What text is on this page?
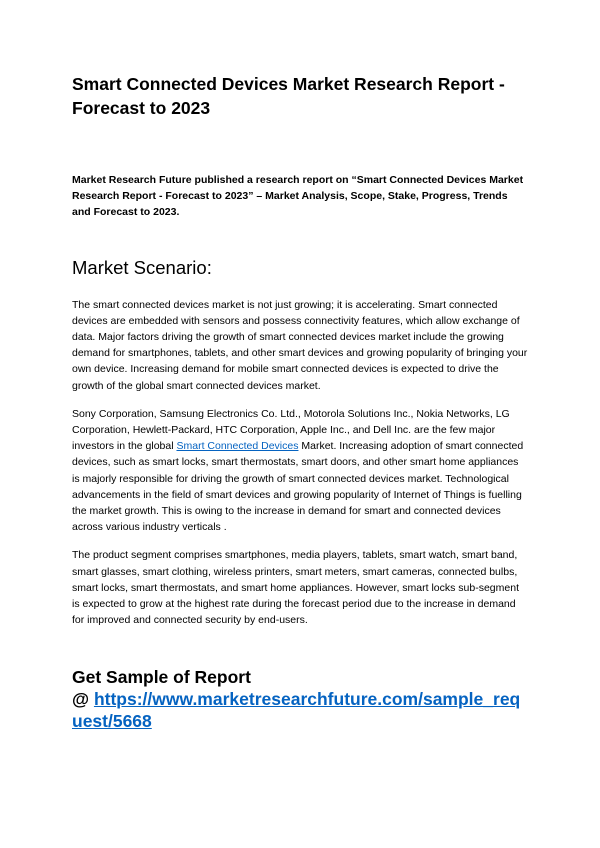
Smart Connected Devices Market Research Report - Forecast to 2023

Market Research Future published a research report on “Smart Connected Devices Market Research Report - Forecast to 2023” – Market Analysis, Scope, Stake, Progress, Trends and Forecast to 2023.

Market Scenario:

The smart connected devices market is not just growing; it is accelerating. Smart connected devices are embedded with sensors and possess connectivity features, which allow exchange of data. Major factors driving the growth of smart connected devices market include the growing demand for smartphones, tablets, and other smart devices and growing popularity of bringing your own device. Increasing demand for mobile smart connected devices is expected to drive the growth of the global smart connected devices market.

Sony Corporation, Samsung Electronics Co. Ltd., Motorola Solutions Inc., Nokia Networks, LG Corporation, Hewlett-Packard, HTC Corporation, Apple Inc., and Dell Inc. are the few major investors in the global Smart Connected Devices Market. Increasing adoption of smart connected devices, such as smart locks, smart thermostats, smart doors, and other smart home appliances is majorly responsible for driving the growth of smart connected devices market. Technological advancements in the field of smart devices and growing popularity of Internet of Things is fuelling the market growth. This is owing to the increase in demand for smart and connected devices across various industry verticals .

The product segment comprises smartphones, media players, tablets, smart watch, smart band, smart glasses, smart clothing, wireless printers, smart meters, smart cameras, connected bulbs, smart locks, smart thermostats, and smart home appliances. However, smart locks sub-segment is expected to grow at the highest rate during the forecast period due to the increase in demand for improved and connected security by end-users.

Get Sample of Report

@ https://www.marketresearchfuture.com/sample_request/5668
